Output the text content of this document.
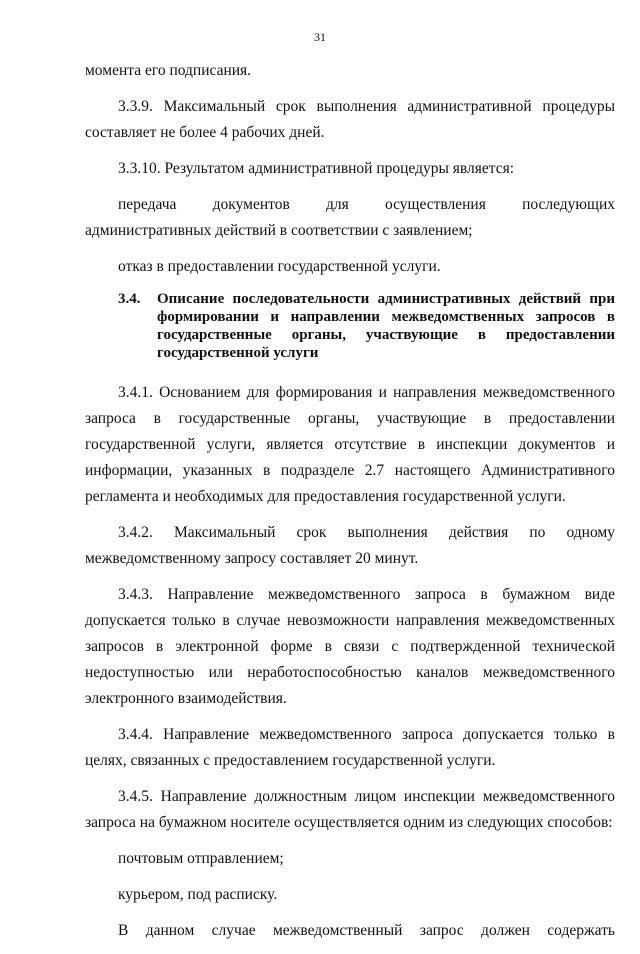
31

момента его подписания.

3.3.9. Максимальный срок выполнения административной процедуры составляет не более 4 рабочих дней.

3.3.10. Результатом административной процедуры является:

передача документов для осуществления последующих административных действий в соответствии с заявлением;

отказ в предоставлении государственной услуги.

3.4.	Описание последовательности административных действий при формировании и направлении межведомственных запросов в государственные органы, участвующие в предоставлении государственной услуги

3.4.1. Основанием для формирования и направления межведомственного запроса в государственные органы, участвующие в предоставлении государственной услуги, является отсутствие в инспекции документов и информации, указанных в подразделе 2.7 настоящего Административного регламента и необходимых для предоставления государственной услуги.

3.4.2. Максимальный срок выполнения действия по одному межведомственному запросу составляет 20 минут.

3.4.3. Направление межведомственного запроса в бумажном виде допускается только в случае невозможности направления межведомственных запросов в электронной форме в связи с подтвержденной технической недоступностью или неработоспособностью каналов межведомственного электронного взаимодействия.

3.4.4. Направление межведомственного запроса допускается только в целях, связанных с предоставлением государственной услуги.

3.4.5. Направление должностным лицом инспекции межведомственного запроса на бумажном носителе осуществляется одним из следующих способов:

почтовым отправлением;

курьером, под расписку.

В данном случае межведомственный запрос должен содержать
